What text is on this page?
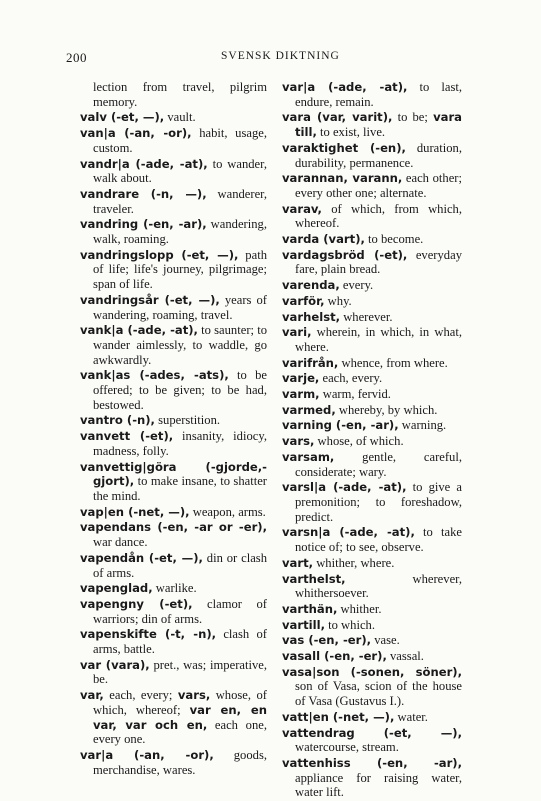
200	SVENSK DIKTNING
lection from travel, pilgrim memory.
valv (-et, —), vault.
van|a (-an, -or), habit, usage, custom.
vandr|a (-ade, -at), to wander, walk about.
vandrare (-n, —), wanderer, traveler.
vandring (-en, -ar), wandering, walk, roaming.
vandringslopp (-et, —), path of life; life's journey, pilgrimage; span of life.
vandringsår (-et, —), years of wandering, roaming, travel.
vank|a (-ade, -at), to saunter; to wander aimlessly, to waddle, go awkwardly.
vank|as (-ades, -ats), to be offered; to be given; to be had, bestowed.
vantro (-n), superstition.
vanvett (-et), insanity, idiocy, madness, folly.
vanvettig|göra (-gjorde,-gjort), to make insane, to shatter the mind.
vap|en (-net, —), weapon, arms.
vapendans (-en, -ar or -er), war dance.
vapendån (-et, —), din or clash of arms.
vapenglad, warlike.
vapengny (-et), clamor of warriors; din of arms.
vapenskifte (-t, -n), clash of arms, battle.
var (vara), pret., was; imperative, be.
var, each, every; vars, whose, of which, whereof; var en, en var, var och en, each one, every one.
var|a (-an, -or), goods, merchandise, wares.
var|a (-ade, -at), to last, endure, remain.
vara (var, varit), to be; vara till, to exist, live.
varaktighet (-en), duration, durability, permanence.
varannan, varann, each other; every other one; alternate.
varav, of which, from which, whereof.
varda (vart), to become.
vardagsbröd (-et), everyday fare, plain bread.
varenda, every.
varför, why.
varhelst, wherever.
vari, wherein, in which, in what, where.
varifrån, whence, from where.
varje, each, every.
varm, warm, fervid.
varmed, whereby, by which.
varning (-en, -ar), warning.
vars, whose, of which.
varsam, gentle, careful, considerate; wary.
varsl|a (-ade, -at), to give a premonition; to foreshadow, predict.
varsn|a (-ade, -at), to take notice of; to see, observe.
vart, whither, where.
varthelst, wherever, whithersoever.
varthän, whither.
vartill, to which.
vas (-en, -er), vase.
vasall (-en, -er), vassal.
vasa|son (-sonen, söner), son of Vasa, scion of the house of Vasa (Gustavus I.).
vatt|en (-net, —), water.
vattendrag (-et, —), watercourse, stream.
vattenhiss (-en, -ar), appliance for raising water, water lift.
